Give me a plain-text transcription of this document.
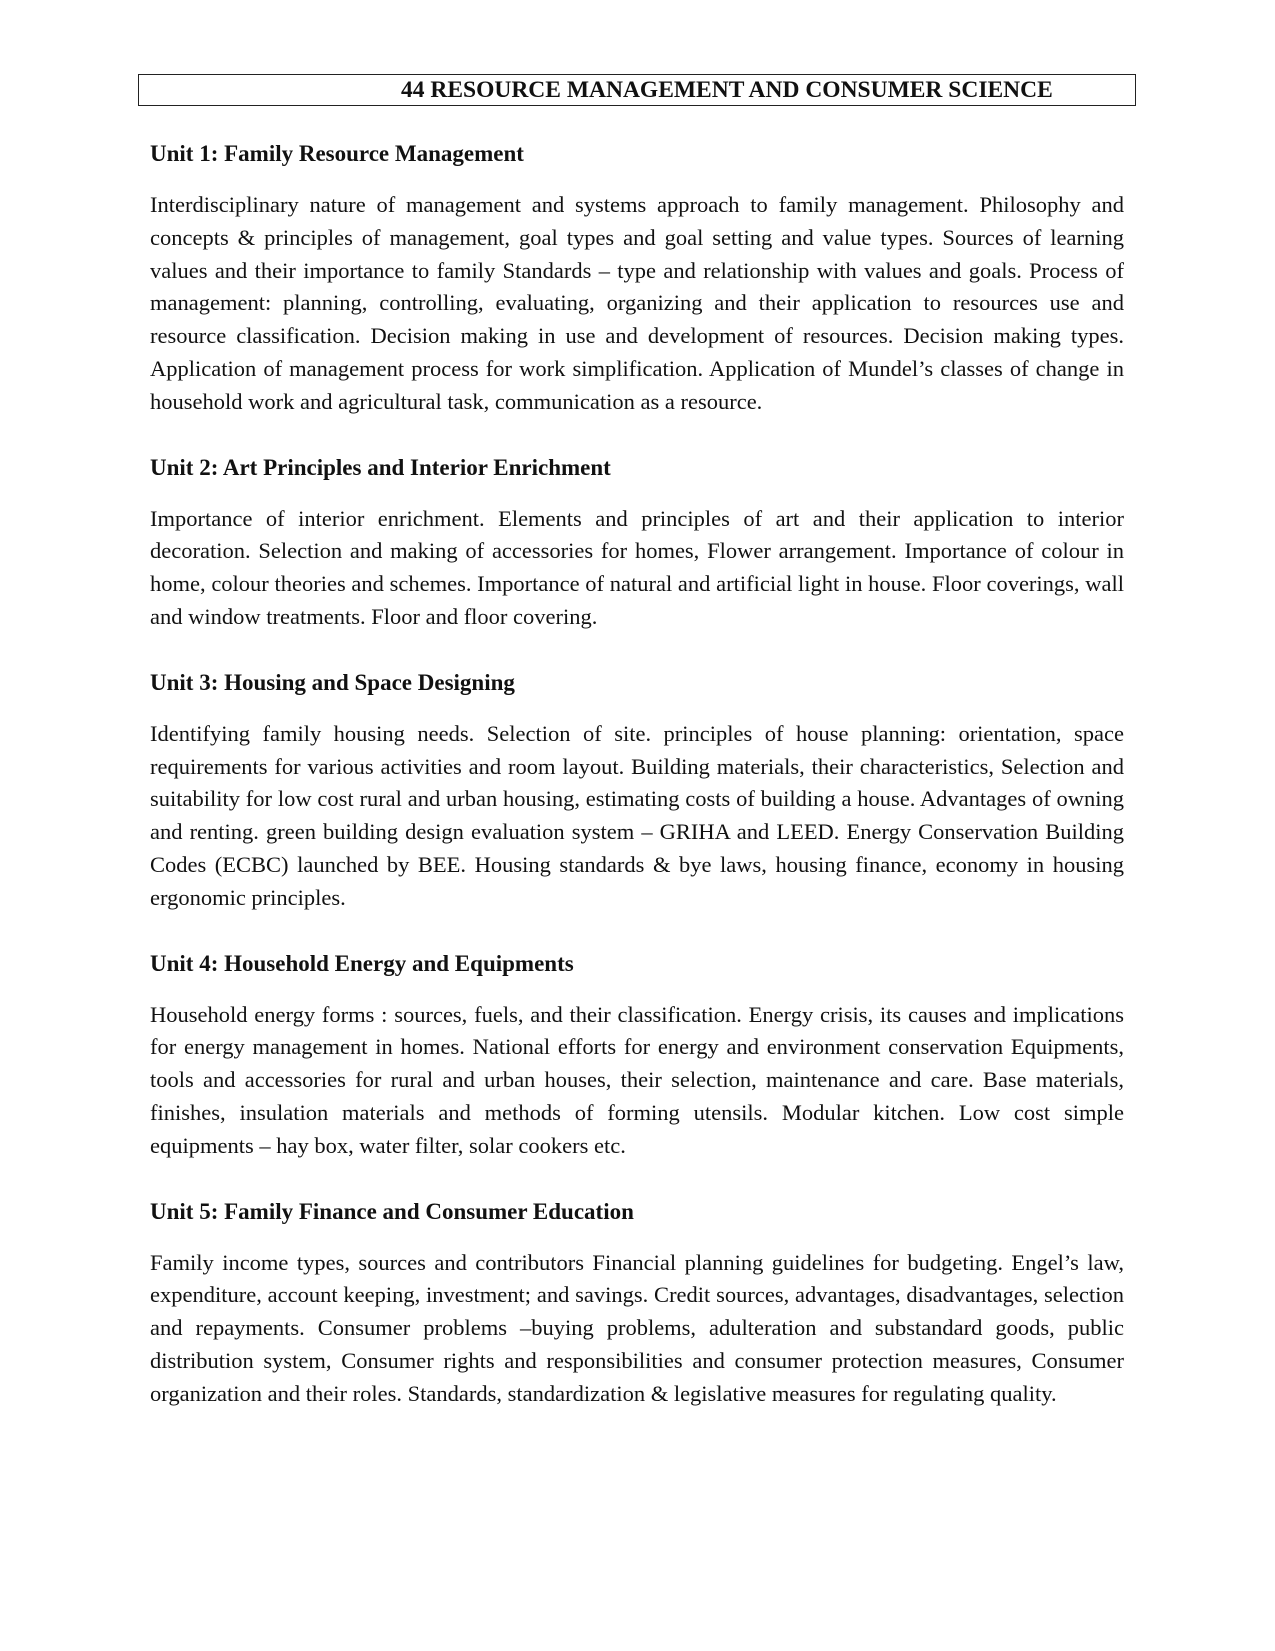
44 RESOURCE MANAGEMENT AND CONSUMER SCIENCE
Unit 1: Family Resource Management

Interdisciplinary nature of management and systems approach to family management. Philosophy and concepts & principles of management, goal types and goal setting and value types. Sources of learning values and their importance to family Standards – type and relationship with values and goals. Process of management: planning, controlling, evaluating, organizing and their application to resources use and resource classification. Decision making in use and development of resources. Decision making types. Application of management process for work simplification. Application of Mundel’s classes of change in household work and agricultural task, communication as a resource.

Unit 2: Art Principles and Interior Enrichment

Importance of interior enrichment. Elements and principles of art and their application to interior decoration. Selection and making of accessories for homes, Flower arrangement. Importance of colour in home, colour theories and schemes. Importance of natural and artificial light in house. Floor coverings, wall and window treatments. Floor and floor covering.

Unit 3: Housing and Space Designing

Identifying family housing needs. Selection of site. principles of house planning: orientation, space requirements for various activities and room layout. Building materials, their characteristics, Selection and suitability for low cost rural and urban housing, estimating costs of building a house. Advantages of owning and renting. green building design evaluation system – GRIHA and LEED. Energy Conservation Building Codes (ECBC) launched by BEE. Housing standards & bye laws, housing finance, economy in housing ergonomic principles.

Unit 4: Household Energy and Equipments

Household energy forms : sources, fuels, and their classification. Energy crisis, its causes and implications for energy management in homes. National efforts for energy and environment conservation Equipments, tools and accessories for rural and urban houses, their selection, maintenance and care. Base materials, finishes, insulation materials and methods of forming utensils. Modular kitchen. Low cost simple equipments – hay box, water filter, solar cookers etc.

Unit 5: Family Finance and Consumer Education

Family income types, sources and contributors Financial planning guidelines for budgeting. Engel’s law, expenditure, account keeping, investment; and savings. Credit sources, advantages, disadvantages, selection and repayments. Consumer problems –buying problems, adulteration and substandard goods, public distribution system, Consumer rights and responsibilities and consumer protection measures, Consumer organization and their roles. Standards, standardization & legislative measures for regulating quality.
